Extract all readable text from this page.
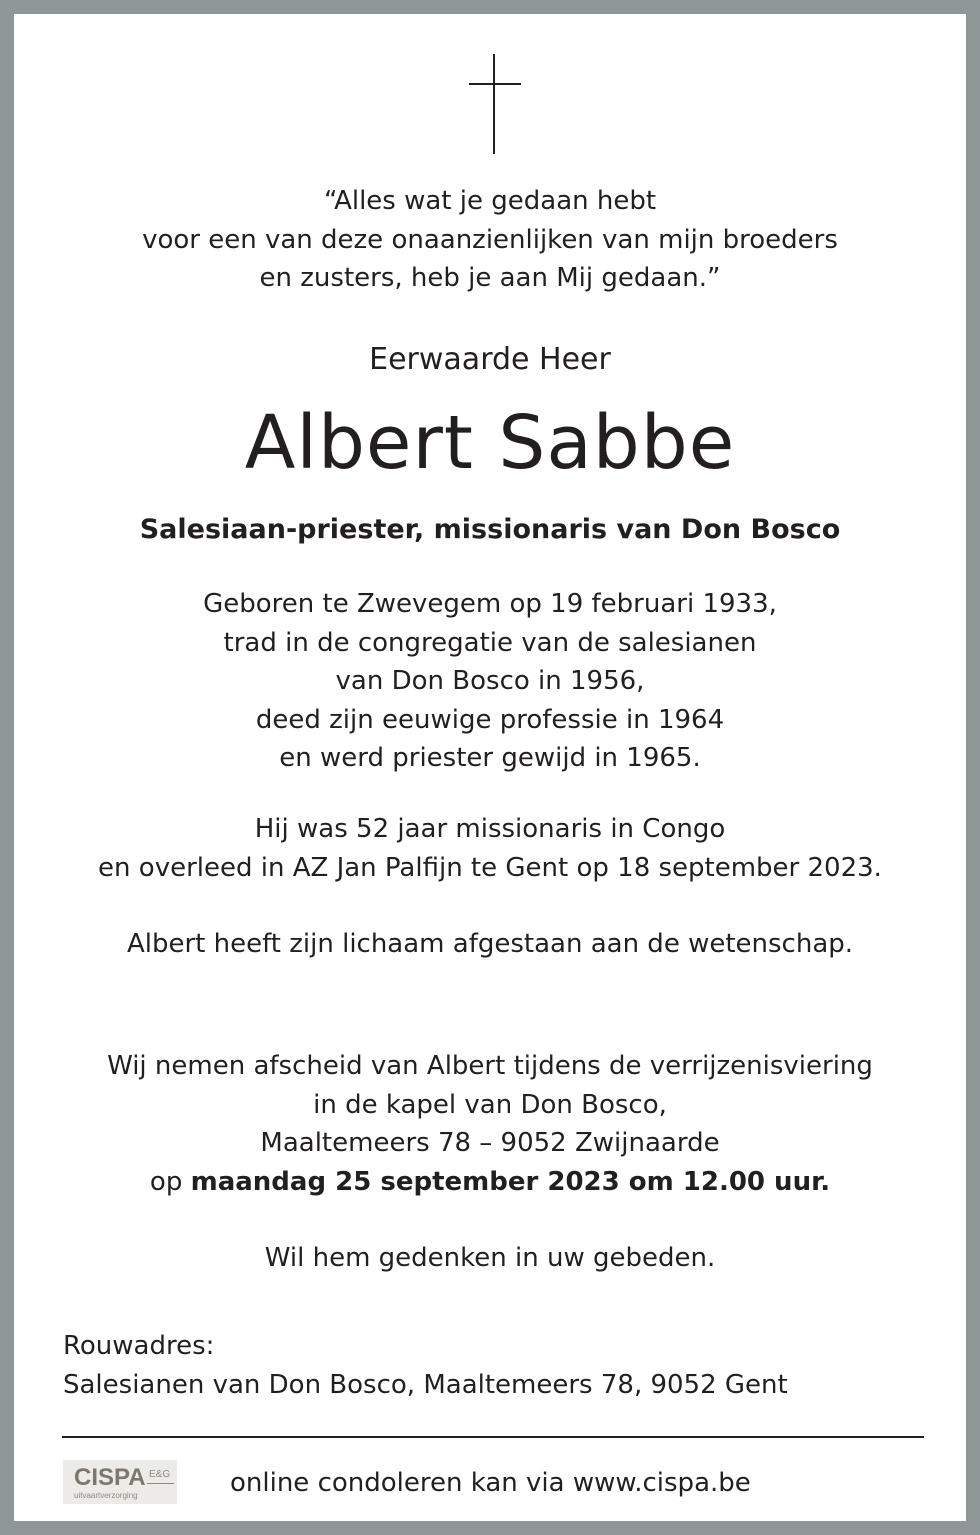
“Alles wat je gedaan hebt
voor een van deze onaanzienlijken van mijn broeders
en zusters, heb je aan Mij gedaan.”

Eerwaarde Heer

Albert Sabbe

Salesiaan-priester, missionaris van Don Bosco

Geboren te Zwevegem op 19 februari 1933,
trad in de congregatie van de salesianen
van Don Bosco in 1956,
deed zijn eeuwige professie in 1964
en werd priester gewijd in 1965.

Hij was 52 jaar missionaris in Congo
en overleed in AZ Jan Palfijn te Gent op 18 september 2023.

Albert heeft zijn lichaam afgestaan aan de wetenschap.

Wij nemen afscheid van Albert tijdens de verrijzenisviering
in de kapel van Don Bosco,
Maaltemeers 78 – 9052 Zwijnaarde
op maandag 25 september 2023 om 12.00 uur.

Wil hem gedenken in uw gebeden.

Rouwadres:
Salesianen van Don Bosco, Maaltemeers 78, 9052 Gent
CISPA E&G
uitvaartverzorging	online condoleren kan via www.cispa.be
